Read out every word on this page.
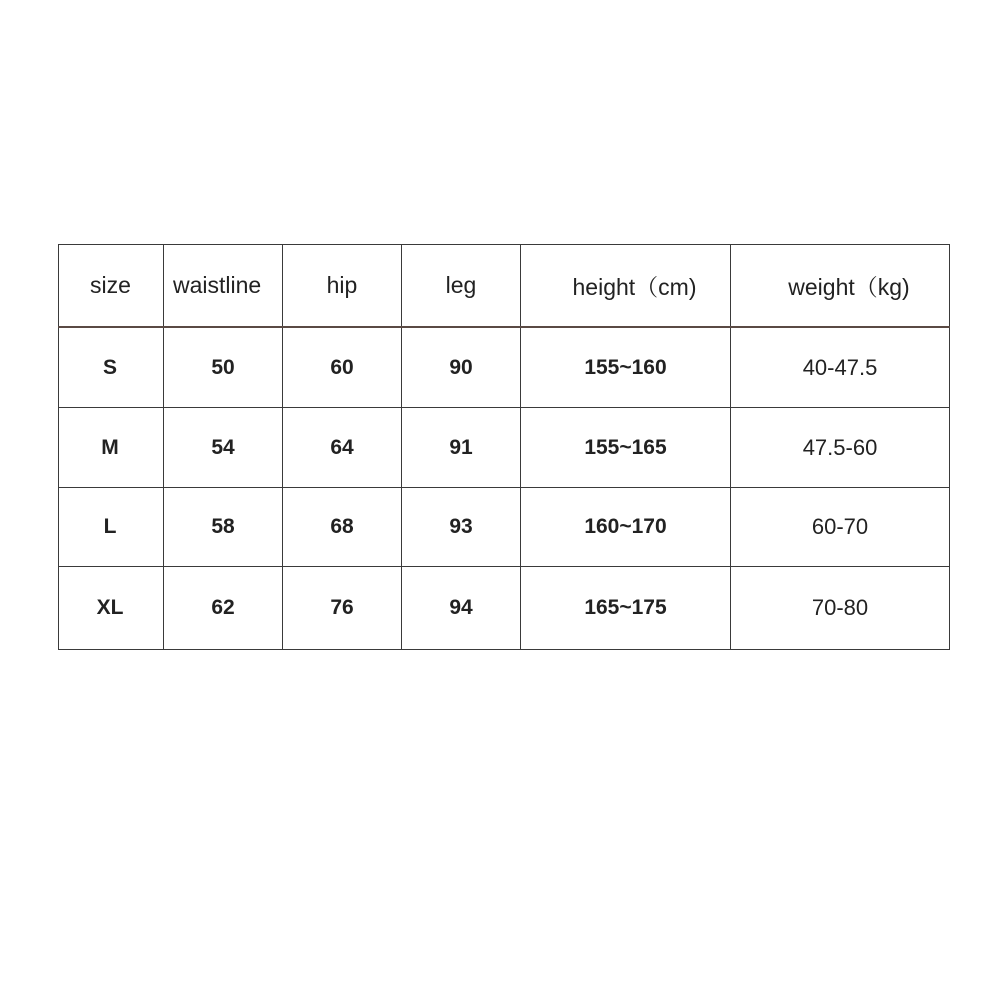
size	waistline	hip	leg	height（cm)	weight（kg)
S	50	60	90	155~160	40-47.5
M	54	64	91	155~165	47.5-60
L	58	68	93	160~170	60-70
XL	62	76	94	165~175	70-80
